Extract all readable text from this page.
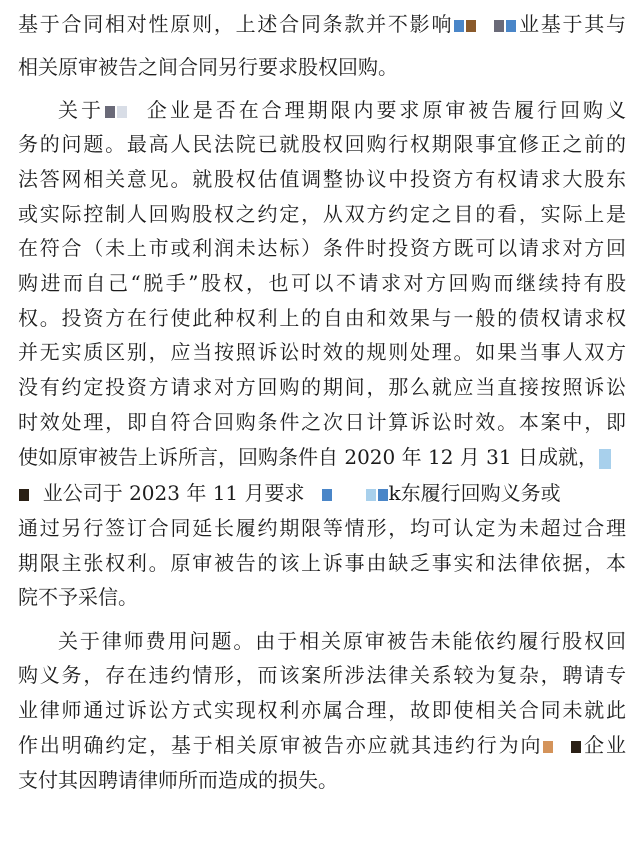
基于合同相对性原则，上述合同条款并不影响	业基于其与
相关原审被告之间合同另行要求股权回购。
关于 企业是否在合理期限内要求原审被告履行回购义
务的问题。最高人民法院已就股权回购行权期限事宜修正之前的
法答网相关意见。就股权估值调整协议中投资方有权请求大股东
或实际控制人回购股权之约定，从双方约定之目的看，实际上是
在符合（未上市或利润未达标）条件时投资方既可以请求对方回
购进而自己“脱手”股权，也可以不请求对方回购而继续持有股
权。投资方在行使此种权利上的自由和效果与一般的债权请求权
并无实质区别，应当按照诉讼时效的规则处理。如果当事人双方
没有约定投资方请求对方回购的期间，那么就应当直接按照诉讼
时效处理，即自符合回购条件之次日计算诉讼时效。本案中，即
使如原审被告上诉所言，回购条件自 2020 年 12 月 31 日成就，
业公司于 2023 年 11 月要求	k东履行回购义务或
通过另行签订合同延长履约期限等情形，均可认定为未超过合理
期限主张权利。原审被告的该上诉事由缺乏事实和法律依据，本
院不予采信。
关于律师费用问题。由于相关原审被告未能依约履行股权回
购义务，存在违约情形，而该案所涉法律关系较为复杂，聘请专
业律师通过诉讼方式实现权利亦属合理，故即使相关合同未就此
作出明确约定，基于相关原审被告亦应就其违约行为向 企业
支付其因聘请律师所而造成的损失。
